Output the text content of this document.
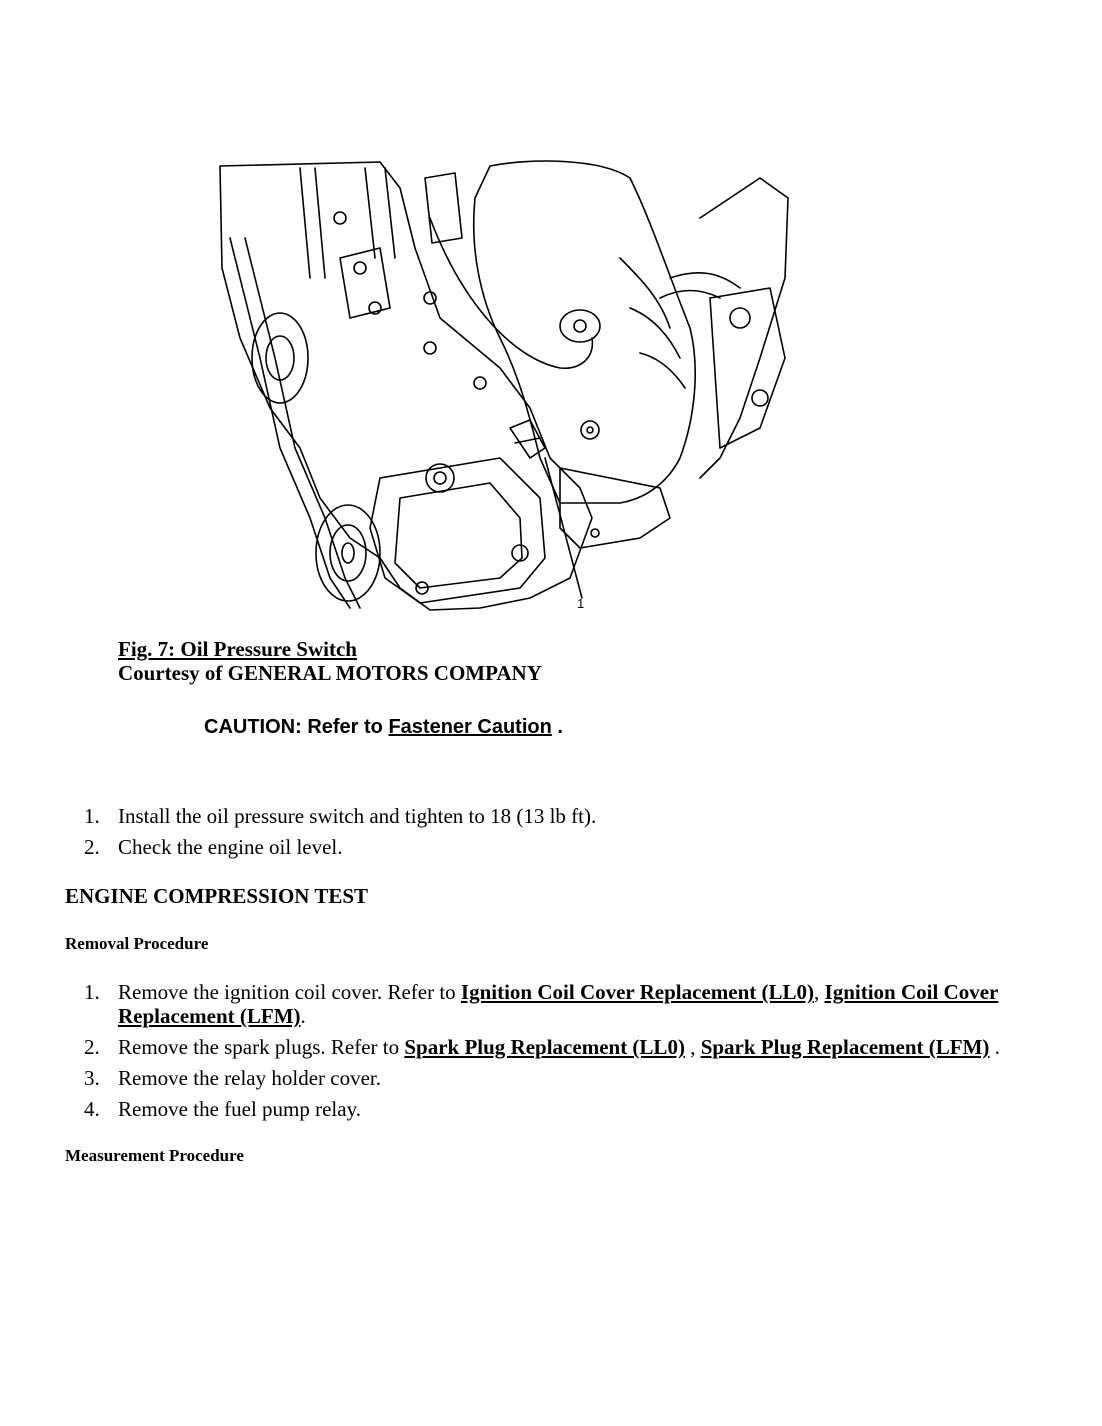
1
Fig. 7: Oil Pressure Switch
Courtesy of GENERAL MOTORS COMPANY
CAUTION: Refer to Fastener Caution .
1. Install the oil pressure switch and tighten to 18 (13 lb ft).
2. Check the engine oil level.
ENGINE COMPRESSION TEST
Removal Procedure
1. Remove the ignition coil cover. Refer to Ignition Coil Cover Replacement (LL0), Ignition Coil Cover Replacement (LFM).
2. Remove the spark plugs. Refer to Spark Plug Replacement (LL0) , Spark Plug Replacement (LFM) .
3. Remove the relay holder cover.
4. Remove the fuel pump relay.
Measurement Procedure
